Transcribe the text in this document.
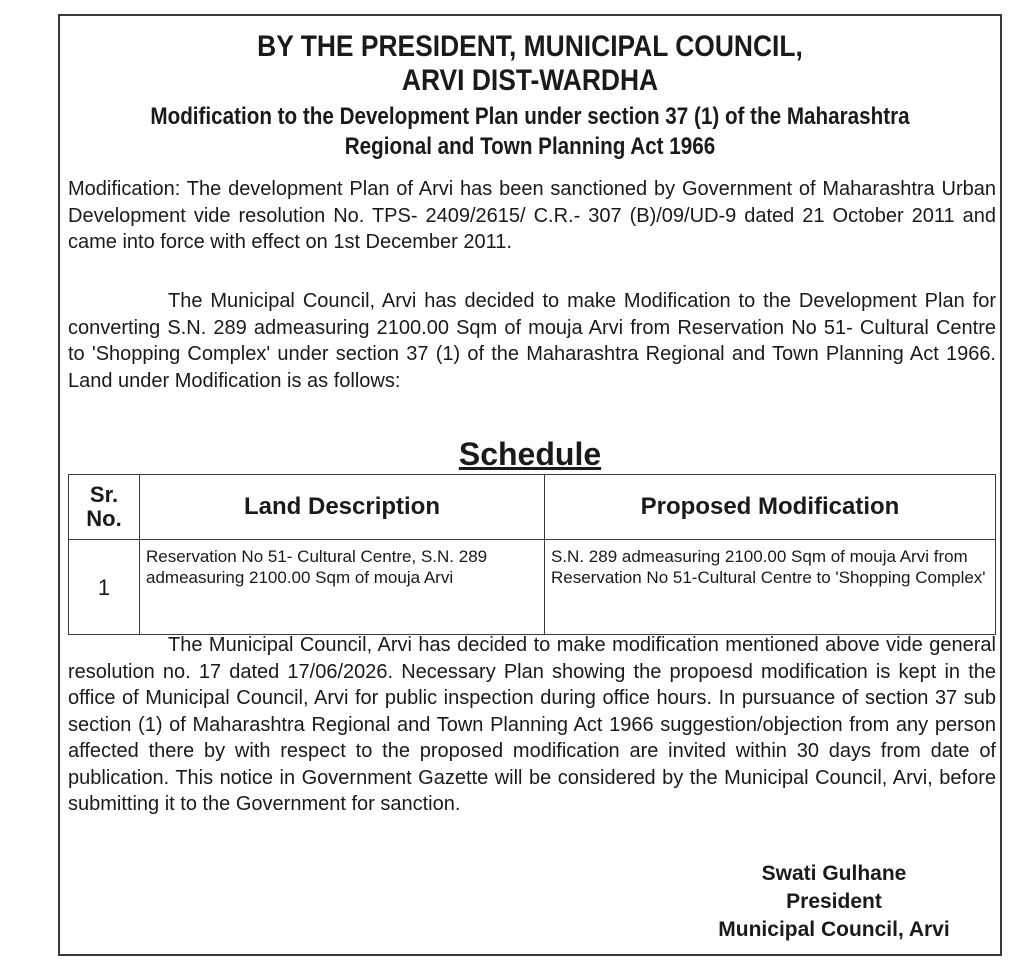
BY THE PRESIDENT, MUNICIPAL COUNCIL,
ARVI DIST-WARDHA
Modification to the Development Plan under section 37 (1) of the Maharashtra
Regional and Town Planning Act 1966
Modification: The development Plan of Arvi has been sanctioned by Government of Maharashtra Urban Development vide resolution No. TPS- 2409/2615/ C.R.- 307 (B)/09/UD-9 dated 21 October 2011 and came into force with effect on 1st December 2011.
The Municipal Council, Arvi has decided to make Modification to the Development Plan for converting S.N. 289 admeasuring 2100.00 Sqm of mouja Arvi from Reservation No 51- Cultural Centre to 'Shopping Complex' under section 37 (1) of the Maharashtra Regional and Town Planning Act 1966. Land under Modification is as follows:
Schedule
Sr.
No.	Land Description	Proposed Modification
1	Reservation No 51- Cultural Centre, S.N. 289 admeasuring 2100.00 Sqm of mouja Arvi	S.N. 289 admeasuring 2100.00 Sqm of mouja Arvi from Reservation No 51-Cultural Centre to 'Shopping Complex'
The Municipal Council, Arvi has decided to make modification mentioned above vide general resolution no. 17 dated 17/06/2026. Necessary Plan showing the propoesd modification is kept in the office of Municipal Council, Arvi for public inspection during office hours. In pursuance of section 37 sub section (1) of Maharashtra Regional and Town Planning Act 1966 suggestion/objection from any person affected there by with respect to the proposed modification are invited within 30 days from date of publication. This notice in Government Gazette will be considered by the Municipal Council, Arvi, before submitting it to the Government for sanction.
Swati Gulhane
President
Municipal Council, Arvi
